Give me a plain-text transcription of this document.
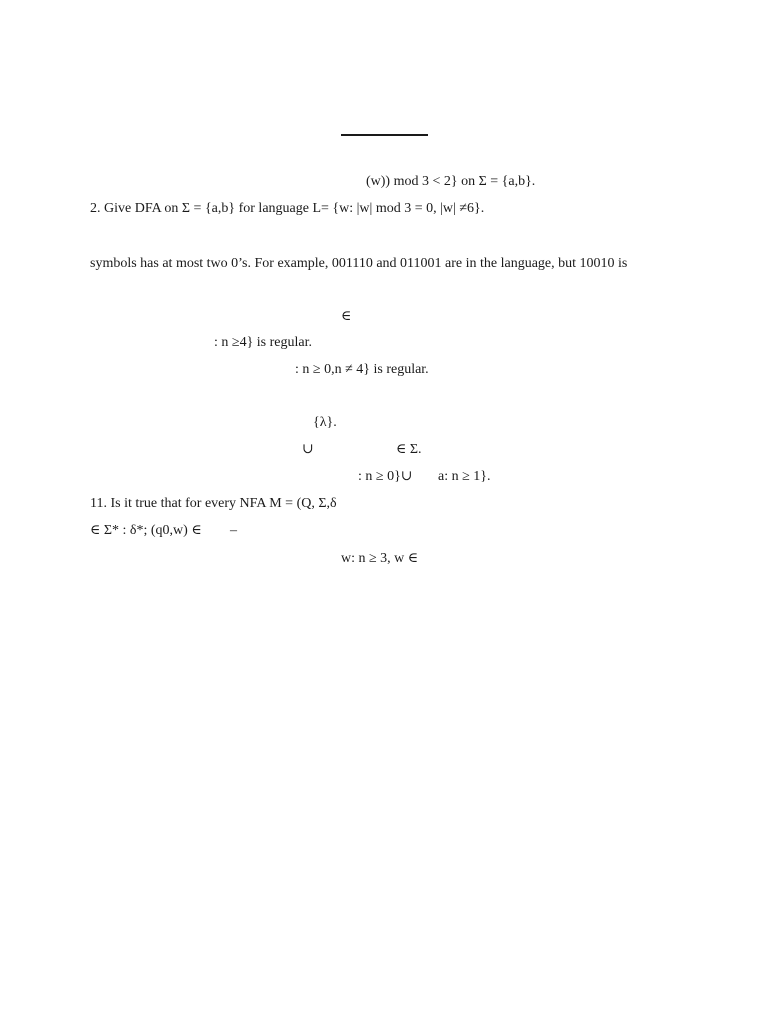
(w)) mod 3 < 2} on Σ = {a,b}.
2. Give DFA on Σ = {a,b} for language L= {w: |w| mod 3 = 0, |w| ≠6}.
symbols has at most two 0’s. For example, 001110 and 011001 are in the language, but 10010 is
∈
: n ≥4} is regular.
: n ≥ 0,n ≠ 4} is regular.
{λ}.
∪	∈ Σ.
: n ≥ 0}∪ a: n ≥ 1}.
11. Is it true that for every NFA M = (Q, Σ,δ
∈ Σ* : δ*; (q0,w) ∈ –
w: n ≥ 3, w ∈
